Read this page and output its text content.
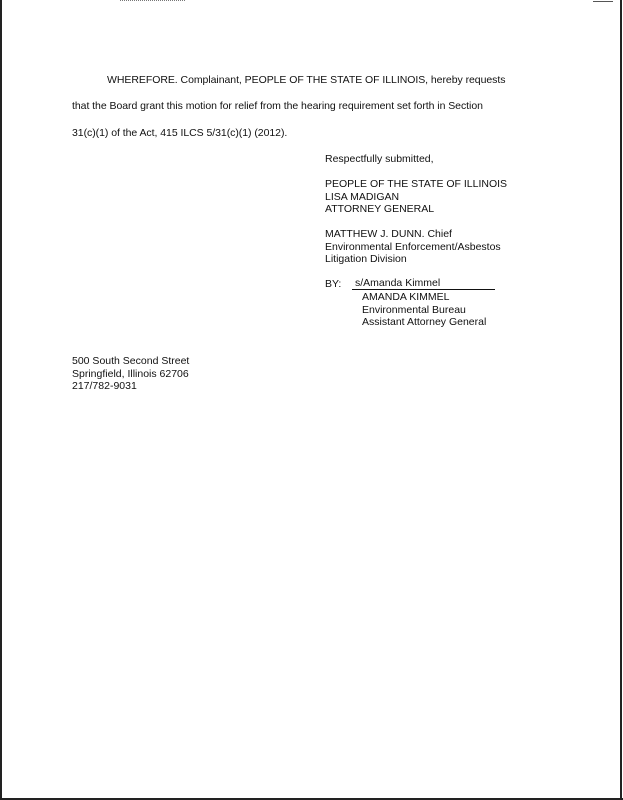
WHEREFORE. Complainant, PEOPLE OF THE STATE OF ILLINOIS, hereby requests
that the Board grant this motion for relief from the hearing requirement set forth in Section
31(c)(1) of the Act, 415 ILCS 5/31(c)(1) (2012).
Respectfully submitted,
PEOPLE OF THE STATE OF ILLINOIS
LISA MADIGAN
ATTORNEY GENERAL
MATTHEW J. DUNN. Chief
Environmental Enforcement/Asbestos
Litigation Division
BY: s/Amanda Kimmel
AMANDA KIMMEL
Environmental Bureau
Assistant Attorney General
500 South Second Street
Springfield, Illinois 62706
217/782-9031
